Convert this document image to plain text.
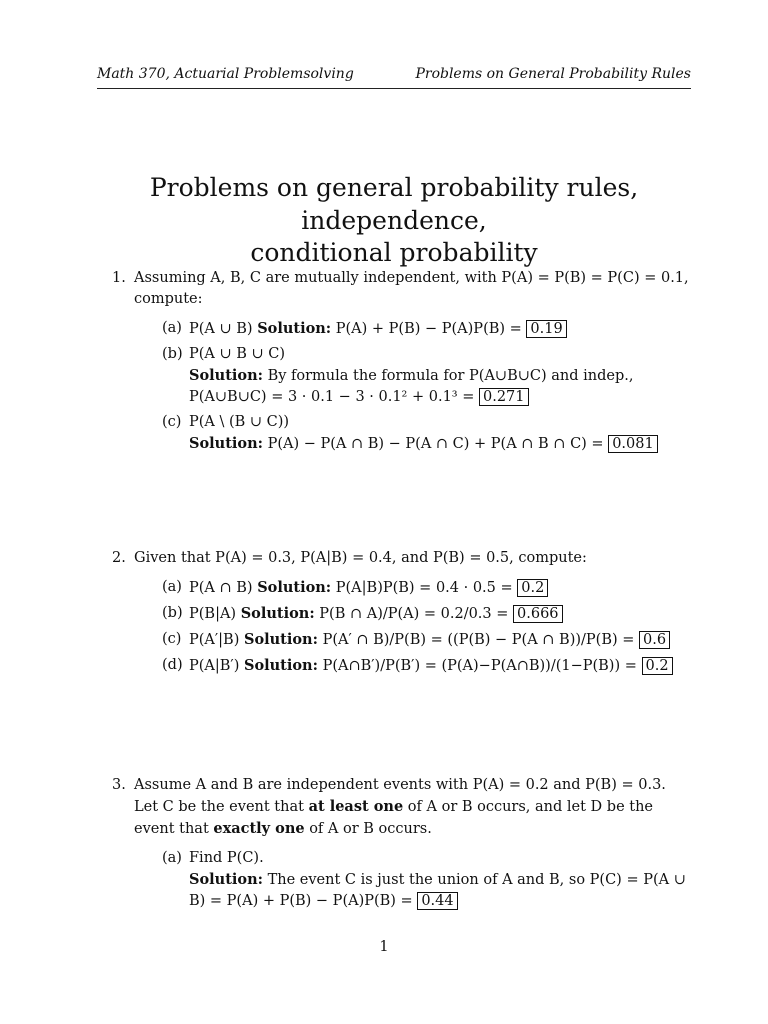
Math 370, Actuarial Problemsolving	Problems on General Probability Rules
Problems on general probability rules, independence,
conditional probability
1. Assuming A, B, C are mutually independent, with P(A) = P(B) = P(C) = 0.1, compute:
(a) P(A ∪ B) Solution: P(A) + P(B) − P(A)P(B) = 0.19
(b) P(A ∪ B ∪ C)
Solution: By formula the formula for P(A∪B∪C) and indep., P(A∪B∪C) = 3 · 0.1 − 3 · 0.1² + 0.1³ = 0.271
(c) P(A \ (B ∪ C))
Solution: P(A) − P(A ∩ B) − P(A ∩ C) + P(A ∩ B ∩ C) = 0.081
2. Given that P(A) = 0.3, P(A|B) = 0.4, and P(B) = 0.5, compute:
(a) P(A ∩ B) Solution: P(A|B)P(B) = 0.4 · 0.5 = 0.2
(b) P(B|A) Solution: P(B ∩ A)/P(A) = 0.2/0.3 = 0.666
(c) P(A′|B) Solution: P(A′ ∩ B)/P(B) = ((P(B) − P(A ∩ B))/P(B) = 0.6
(d) P(A|B′) Solution: P(A∩B′)/P(B′) = (P(A)−P(A∩B))/(1−P(B)) = 0.2
3. Assume A and B are independent events with P(A) = 0.2 and P(B) = 0.3. Let C be the event that at least one of A or B occurs, and let D be the event that exactly one of A or B occurs.
(a) Find P(C).
Solution: The event C is just the union of A and B, so P(C) = P(A ∪ B) = P(A) + P(B) − P(A)P(B) = 0.44
1
